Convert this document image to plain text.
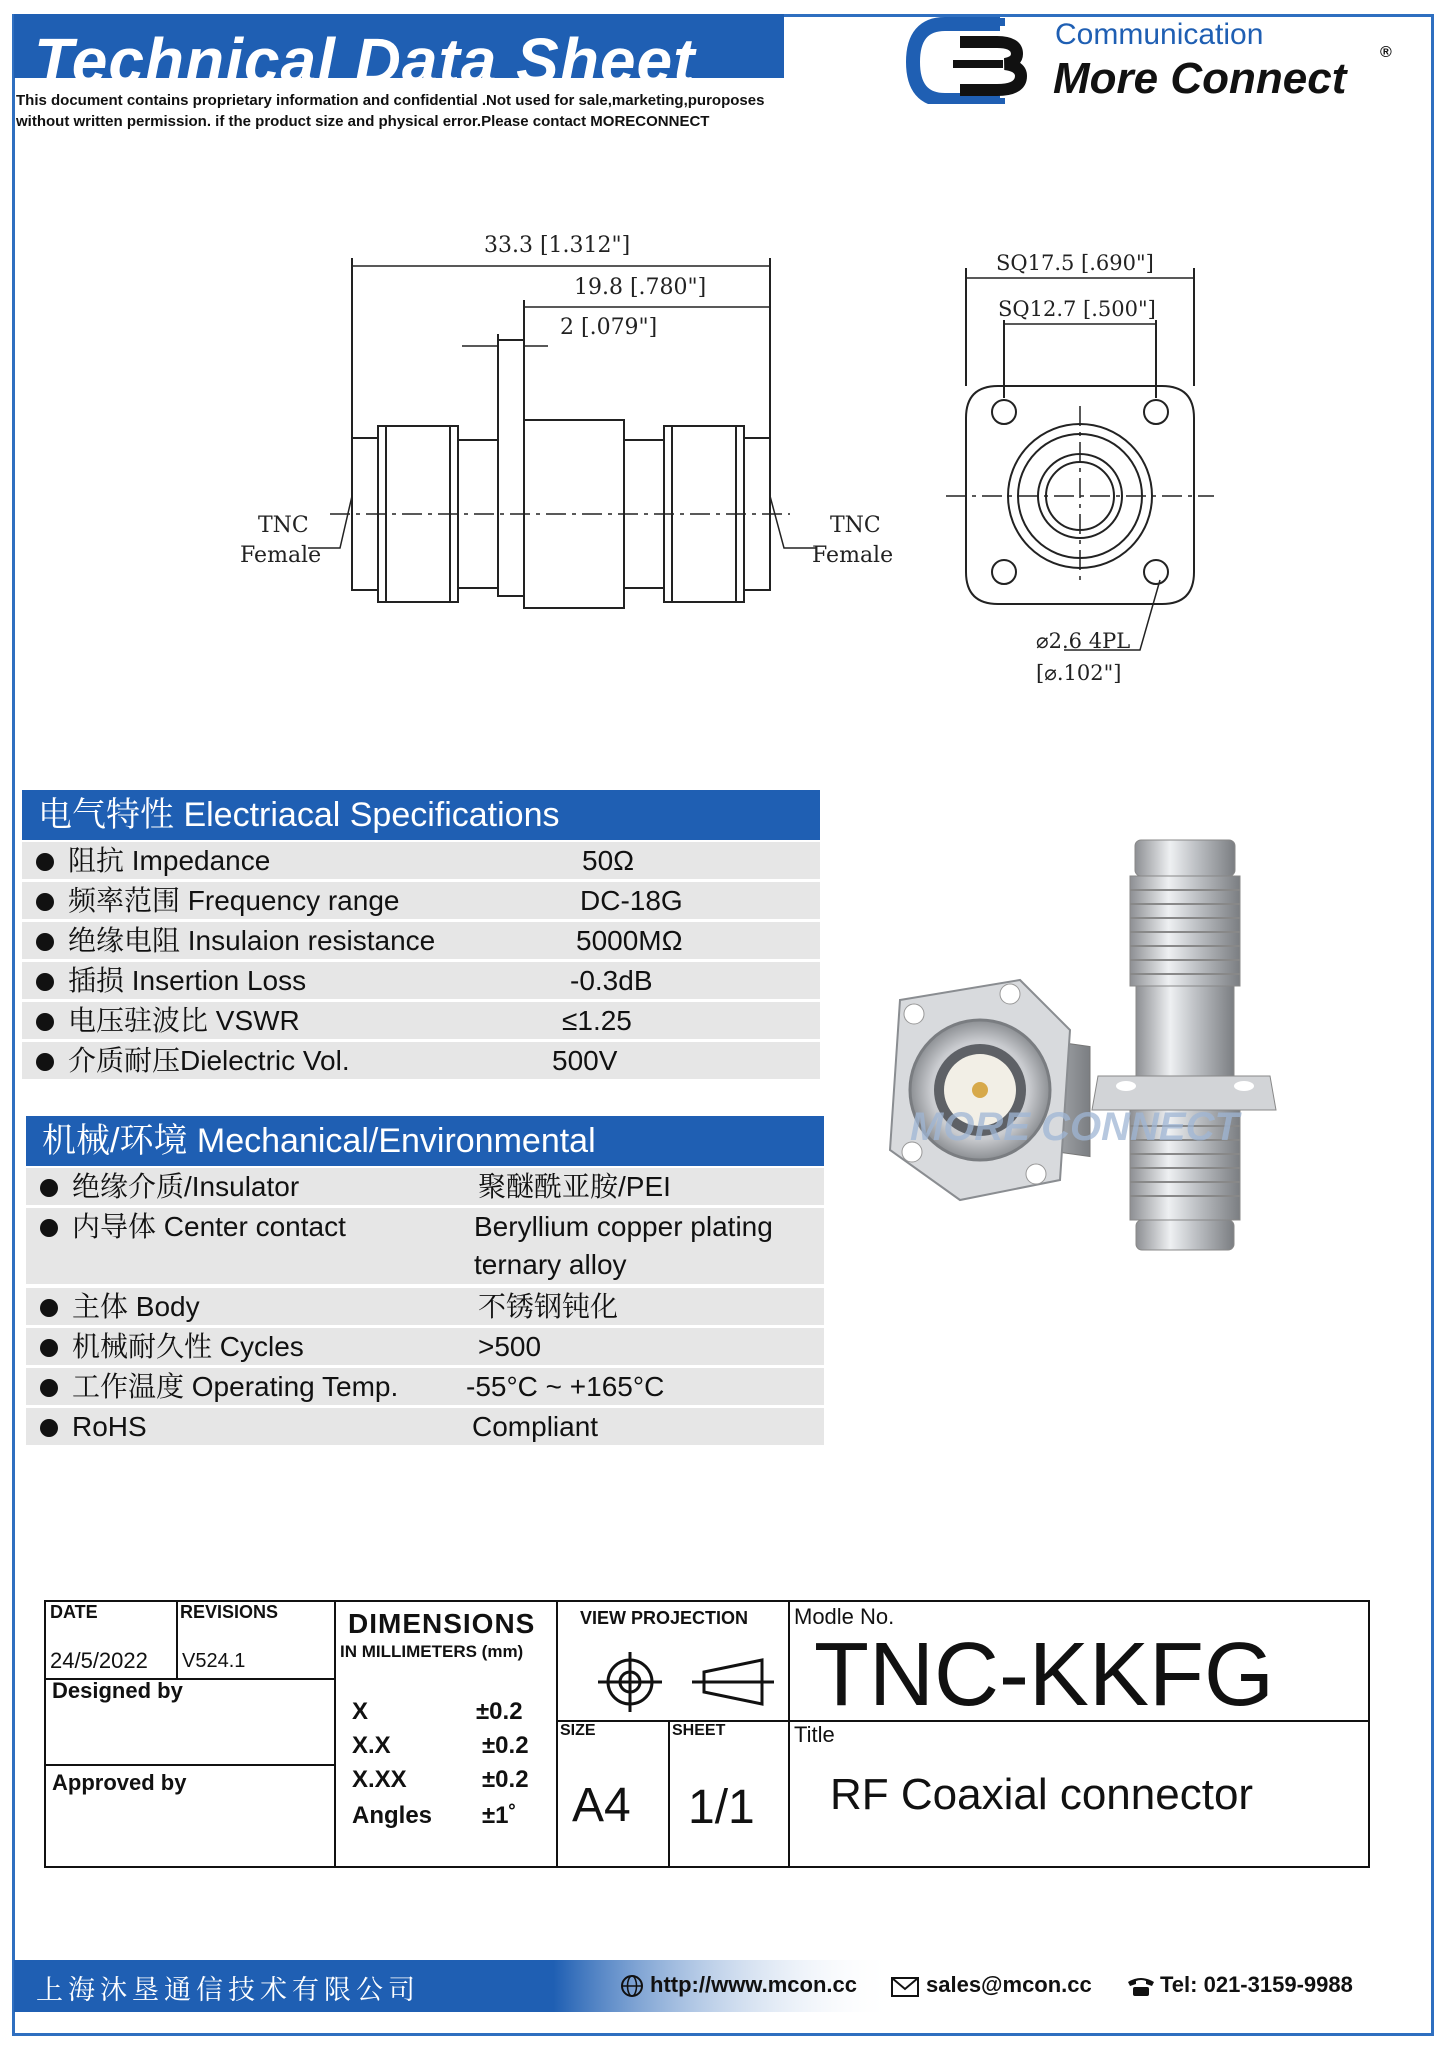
Technical Data Sheet
This document contains proprietary information and confidential .Not used for sale,marketing,puroposes
without written permission. if the product size and physical error.Please contact MORECONNECT
Communication
More Connect
®
33.3 [1.312"]
19.8 [.780"]
2 [.079"]
TNC
Female
TNC
Female
SQ17.5 [.690"]
SQ12.7 [.500"]
⌀2.6 4PL
[⌀.102"]
电气特性 Electriacal Specifications
阻抗 Impedance	50Ω
频率范围 Frequency range	DC-18G
绝缘电阻 Insulaion resistance	5000MΩ
插损 Insertion Loss	-0.3dB
电压驻波比 VSWR	≤1.25
介质耐压Dielectric Vol.	500V
机械/环境 Mechanical/Environmental
绝缘介质/Insulator	聚醚酰亚胺/PEI
内导体 Center contact	Beryllium copper plating
ternary alloy
主体 Body	不锈钢钝化
机械耐久性 Cycles	>500
工作温度 Operating Temp. -55°C ~ +165°C
RoHS	Compliant
MORE CONNECT
DATE
24/5/2022
REVISIONS
V524.1
Designed by
Approved by
DIMENSIONS
IN MILLIMETERS (mm)
X	±0.2
X.X	±0.2
X.XX	±0.2
Angles ±1˚
VIEW PROJECTION
SIZE
A4
SHEET
1/1
Modle No.
TNC-KKFG
Title
RF Coaxial connector
上海沐垦通信技术有限公司	http://www.mcon.cc	sales@mcon.cc	Tel: 021-3159-9988
